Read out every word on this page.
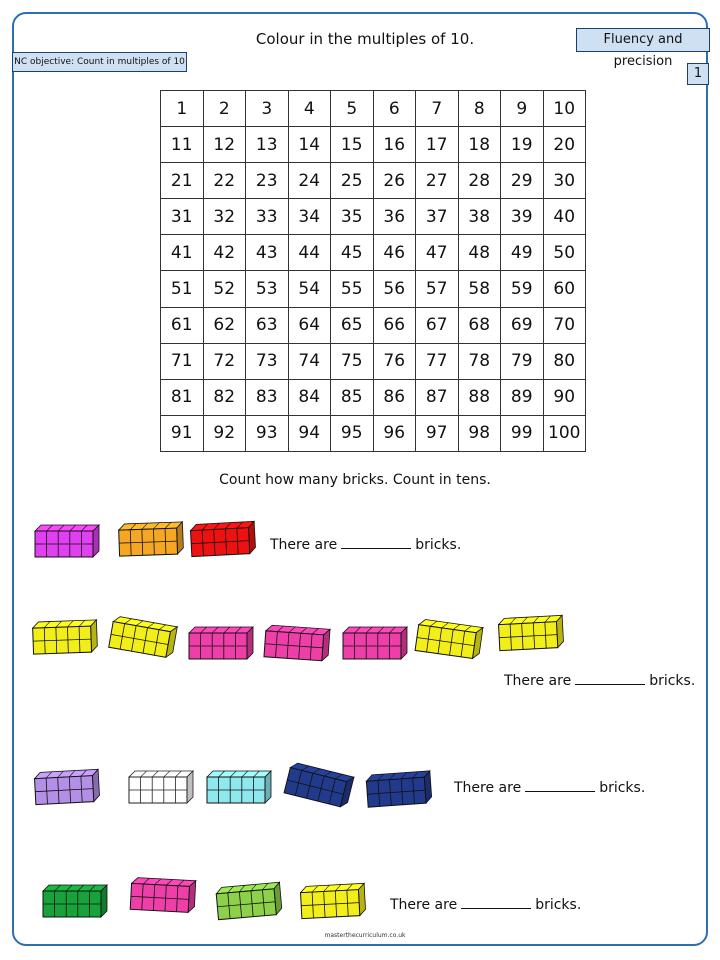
Colour in the multiples of 10.	Fluency and precision
1
NC objective: Count in multiples of 10
1	2	3	4	5	6	7	8	9	10
11	12	13	14	15	16	17	18	19	20
21	22	23	24	25	26	27	28	29	30
31	32	33	34	35	36	37	38	39	40
41	42	43	44	45	46	47	48	49	50
51	52	53	54	55	56	57	58	59	60
61	62	63	64	65	66	67	68	69	70
71	72	73	74	75	76	77	78	79	80
81	82	83	84	85	86	87	88	89	90
91	92	93	94	95	96	97	98	99	100
Count how many bricks. Count in tens.
There are	bricks.
There are	bricks.
There are	bricks.
There are	bricks.
masterthecurriculum.co.uk
